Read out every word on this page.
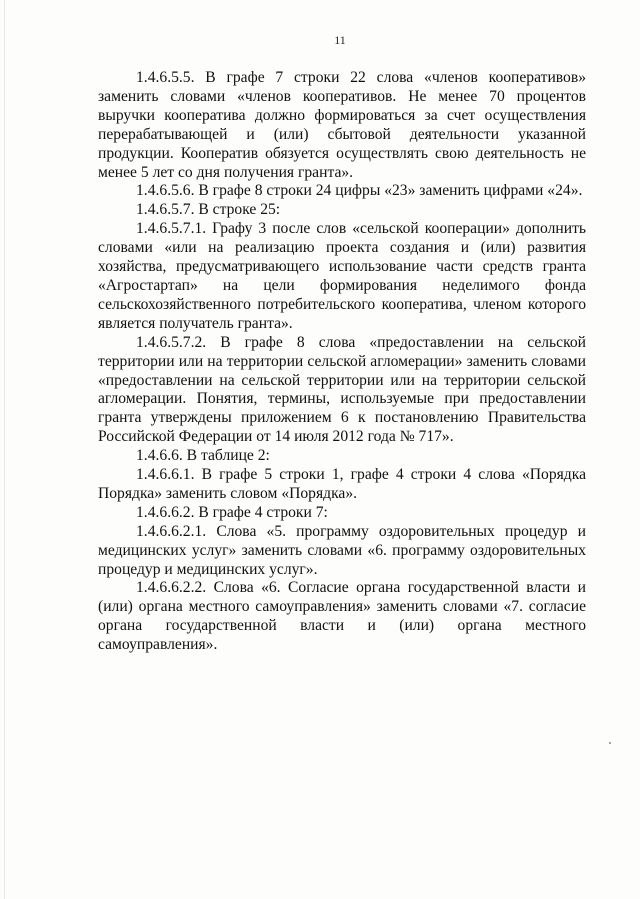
11

1.4.6.5.5. В графе 7 строки 22 слова «членов кооперативов» заменить словами «членов кооперативов. Не менее 70 процентов выручки кооператива должно формироваться за счет осуществления перерабатывающей и (или) сбытовой деятельности указанной продукции. Кооператив обязуется осуществлять свою деятельность не менее 5 лет со дня получения гранта».

1.4.6.5.6. В графе 8 строки 24 цифры «23» заменить цифрами «24».

1.4.6.5.7. В строке 25:

1.4.6.5.7.1. Графу 3 после слов «сельской кооперации» дополнить словами «или на реализацию проекта создания и (или) развития хозяйства, предусматривающего использование части средств гранта «Агростартап» на цели формирования неделимого фонда сельскохозяйственного потребительского кооператива, членом которого является получатель гранта».

1.4.6.5.7.2. В графе 8 слова «предоставлении на сельской территории или на территории сельской агломерации» заменить словами «предоставлении на сельской территории или на территории сельской агломерации. Понятия, термины, используемые при предоставлении гранта утверждены приложением 6 к постановлению Правительства Российской Федерации от 14 июля 2012 года № 717».

1.4.6.6. В таблице 2:

1.4.6.6.1. В графе 5 строки 1, графе 4 строки 4 слова «Порядка Порядка» заменить словом «Порядка».

1.4.6.6.2. В графе 4 строки 7:

1.4.6.6.2.1. Слова «5. программу оздоровительных процедур и медицинских услуг» заменить словами «6. программу оздоровительных процедур и медицинских услуг».

1.4.6.6.2.2. Слова «6. Согласие органа государственной власти и (или) органа местного самоуправления» заменить словами «7. согласие органа государственной власти и (или) органа местного самоуправления».
